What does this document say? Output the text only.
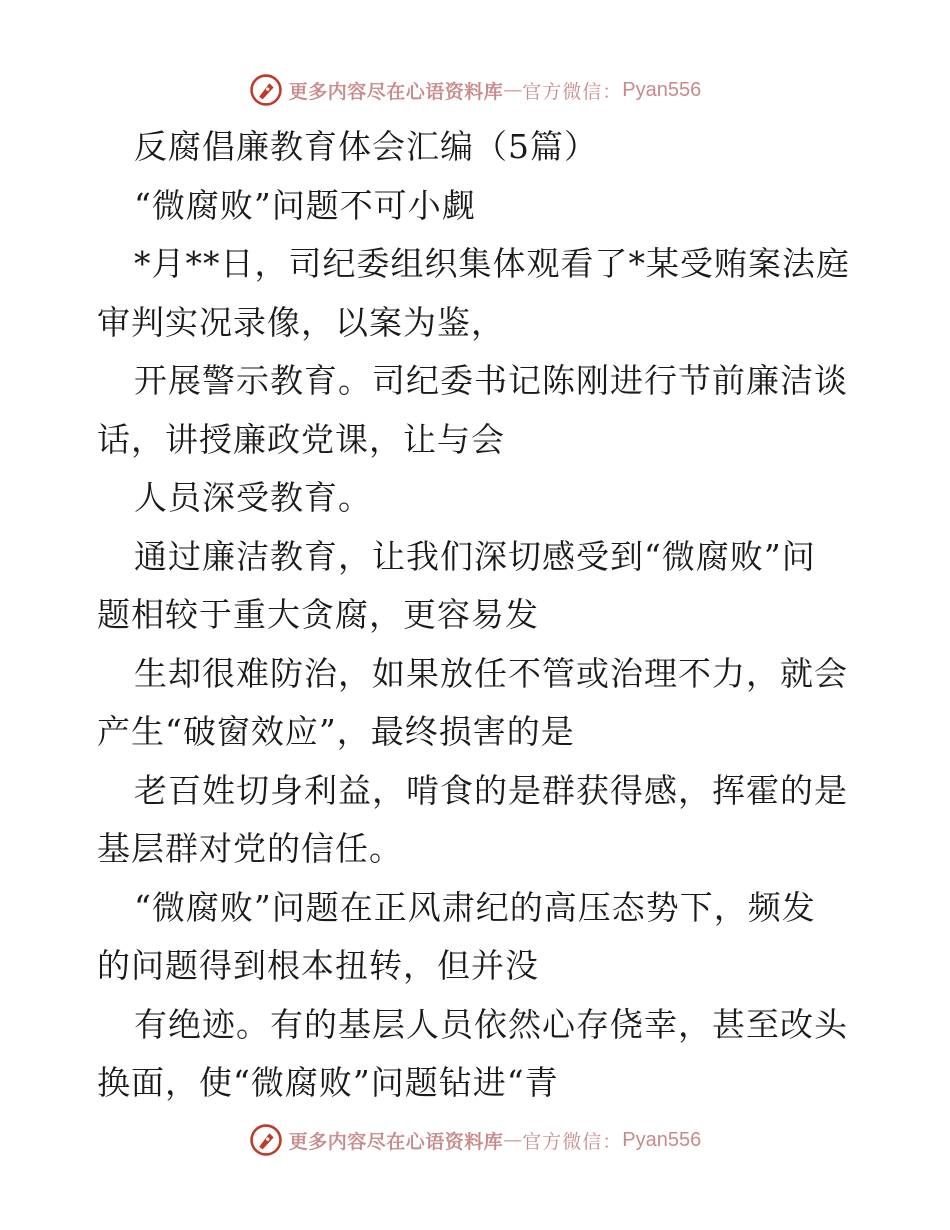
更多内容尽在心语资料库 — 官方微信： Pyan556
反腐倡廉教育体会汇编（5篇）
“微腐败”问题不可小觑
*月**日，司纪委组织集体观看了*某受贿案法庭
审判实况录像，以案为鉴，
开展警示教育。司纪委书记陈刚进行节前廉洁谈
话，讲授廉政党课，让与会
人员深受教育。
通过廉洁教育，让我们深切感受到“微腐败”问
题相较于重大贪腐，更容易发
生却很难防治，如果放任不管或治理不力，就会
产生“破窗效应”，最终损害的是
老百姓切身利益，啃食的是群获得感，挥霍的是
基层群对党的信任。
“微腐败”问题在正风肃纪的高压态势下，频发
的问题得到根本扭转，但并没
有绝迹。有的基层人员依然心存侥幸，甚至改头
换面，使“微腐败”问题钻进“青
更多内容尽在心语资料库 — 官方微信： Pyan556
